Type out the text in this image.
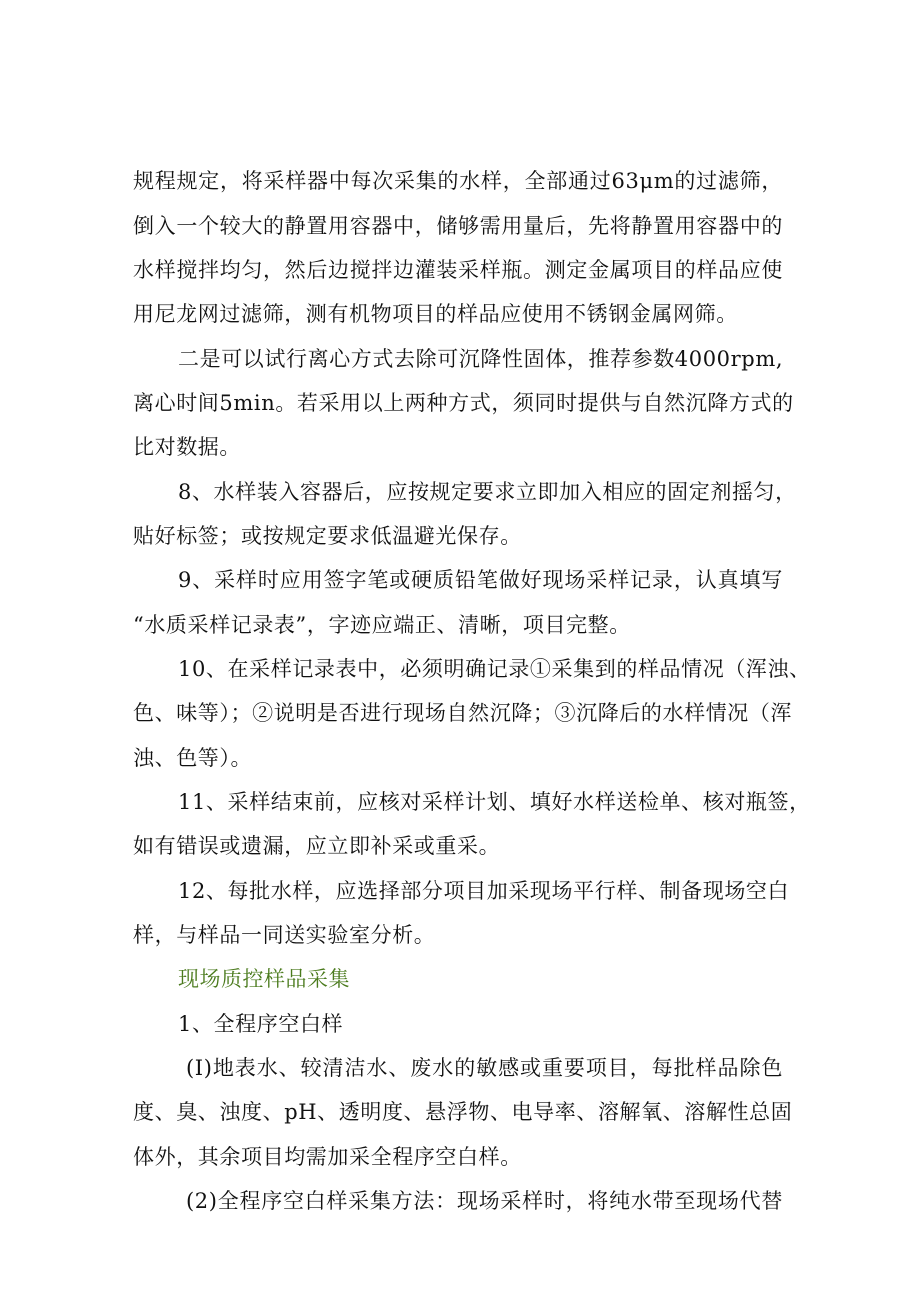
规程规定，将采样器中每次采集的水样，全部通过63μm的过滤筛，
倒入一个较大的静置用容器中，储够需用量后，先将静置用容器中的
水样搅拌均匀，然后边搅拌边灌装采样瓶。测定金属项目的样品应使
用尼龙网过滤筛，测有机物项目的样品应使用不锈钢金属网筛。
二是可以试行离心方式去除可沉降性固体，推荐参数4000rpm,
离心时间5min。若采用以上两种方式，须同时提供与自然沉降方式的
比对数据。
8、水样装入容器后，应按规定要求立即加入相应的固定剂摇匀，
贴好标签；或按规定要求低温避光保存。
9、采样时应用签字笔或硬质铅笔做好现场采样记录，认真填写
“水质采样记录表”，字迹应端正、清晰，项目完整。
10、在采样记录表中，必须明确记录①采集到的样品情况（浑浊、
色、味等）；②说明是否进行现场自然沉降；③沉降后的水样情况（浑
浊、色等）。
11、采样结束前，应核对采样计划、填好水样送检单、核对瓶签，
如有错误或遗漏，应立即补采或重采。
12、每批水样，应选择部分项目加采现场平行样、制备现场空白
样，与样品一同送实验室分析。
现场质控样品采集
1、全程序空白样
(I)地表水、较清洁水、废水的敏感或重要项目，每批样品除色
度、臭、浊度、pH、透明度、悬浮物、电导率、溶解氧、溶解性总固
体外，其余项目均需加采全程序空白样。
(2)全程序空白样采集方法：现场采样时，将纯水带至现场代替
